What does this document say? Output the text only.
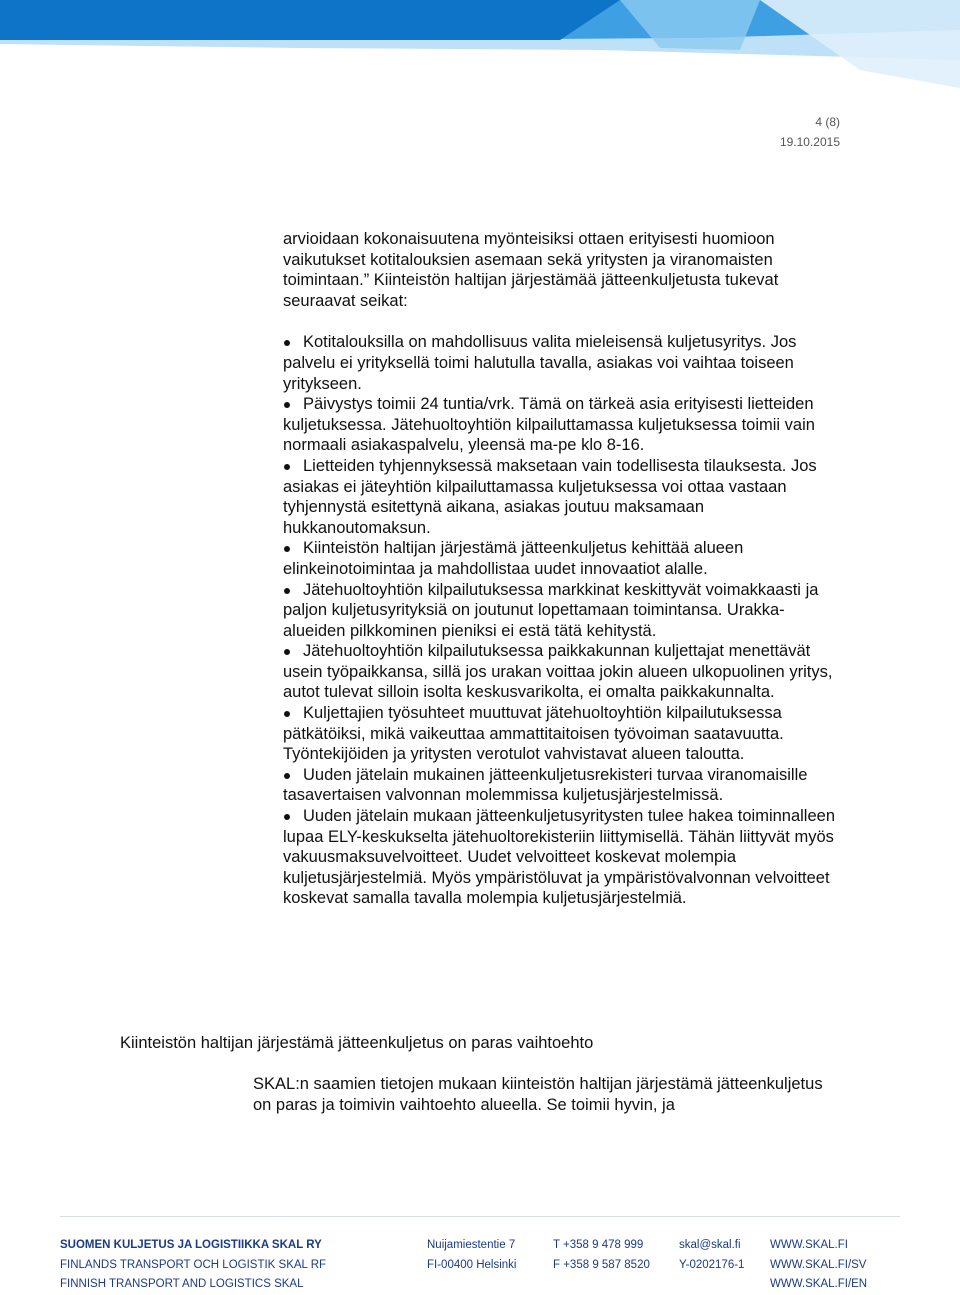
4 (8)
19.10.2015

arvioidaan kokonaisuutena myönteisiksi ottaen erityisesti huomioon vaikutukset kotitalouksien asemaan sekä yritysten ja viranomaisten toimintaan.” Kiinteistön haltijan järjestämää jätteenkuljetusta tukevat seuraavat seikat:

Kotitalouksilla on mahdollisuus valita mieleisensä kuljetusyritys. Jos palvelu ei yrityksellä toimi halutulla tavalla, asiakas voi vaihtaa toiseen yritykseen.

Päivystys toimii 24 tuntia/vrk. Tämä on tärkeä asia erityisesti lietteiden kuljetuksessa. Jätehuoltoyhtiön kilpailuttamassa kuljetuksessa toimii vain normaali asiakaspalvelu, yleensä ma-pe klo 8-16.

Lietteiden tyhjennyksessä maksetaan vain todellisesta tilauksesta. Jos asiakas ei jäteyhtiön kilpailuttamassa kuljetuksessa voi ottaa vastaan tyhjennystä esitettynä aikana, asiakas joutuu maksamaan hukkanoutomaksun.

Kiinteistön haltijan järjestämä jätteenkuljetus kehittää alueen elinkeinotoimintaa ja mahdollistaa uudet innovaatiot alalle.

Jätehuoltoyhtiön kilpailutuksessa markkinat keskittyvät voimakkaasti ja paljon kuljetusyrityksiä on joutunut lopettamaan toimintansa. Urakka-alueiden pilkkominen pieniksi ei estä tätä kehitystä.

Jätehuoltoyhtiön kilpailutuksessa paikkakunnan kuljettajat menettävät usein työpaikkansa, sillä jos urakan voittaa jokin alueen ulkopuolinen yritys, autot tulevat silloin isolta keskusvarikolta, ei omalta paikkakunnalta.

Kuljettajien työsuhteet muuttuvat jätehuoltoyhtiön kilpailutuksessa pätkätöiksi, mikä vaikeuttaa ammattitaitoisen työvoiman saatavuutta. Työntekijöiden ja yritysten verotulot vahvistavat alueen taloutta.

Uuden jätelain mukainen jätteenkuljetusrekisteri turvaa viranomaisille tasavertaisen valvonnan molemmissa kuljetusjärjestelmissä.

Uuden jätelain mukaan jätteenkuljetusyritysten tulee hakea toiminnalleen lupaa ELY-keskukselta jätehuoltorekisteriin liittymisellä. Tähän liittyvät myös vakuusmaksuvelvoitteet. Uudet velvoitteet koskevat molempia kuljetusjärjestelmiä. Myös ympäristöluvat ja ympäristövalvonnan velvoitteet koskevat samalla tavalla molempia kuljetusjärjestelmiä.

Kiinteistön haltijan järjestämä jätteenkuljetus on paras vaihtoehto

SKAL:n saamien tietojen mukaan kiinteistön haltijan järjestämä jätteenkuljetus on paras ja toimivin vaihtoehto alueella. Se toimii hyvin, ja

SUOMEN KULJETUS JA LOGISTIIKKA SKAL RY
FINLANDS TRANSPORT OCH LOGISTIK SKAL RF
FINNISH TRANSPORT AND LOGISTICS SKAL
Nuijamiestentie 7
FI-00400 Helsinki
T +358 9 478 999
F +358 9 587 8520
skal@skal.fi
Y-0202176-1
WWW.SKAL.FI
WWW.SKAL.FI/SV
WWW.SKAL.FI/EN
